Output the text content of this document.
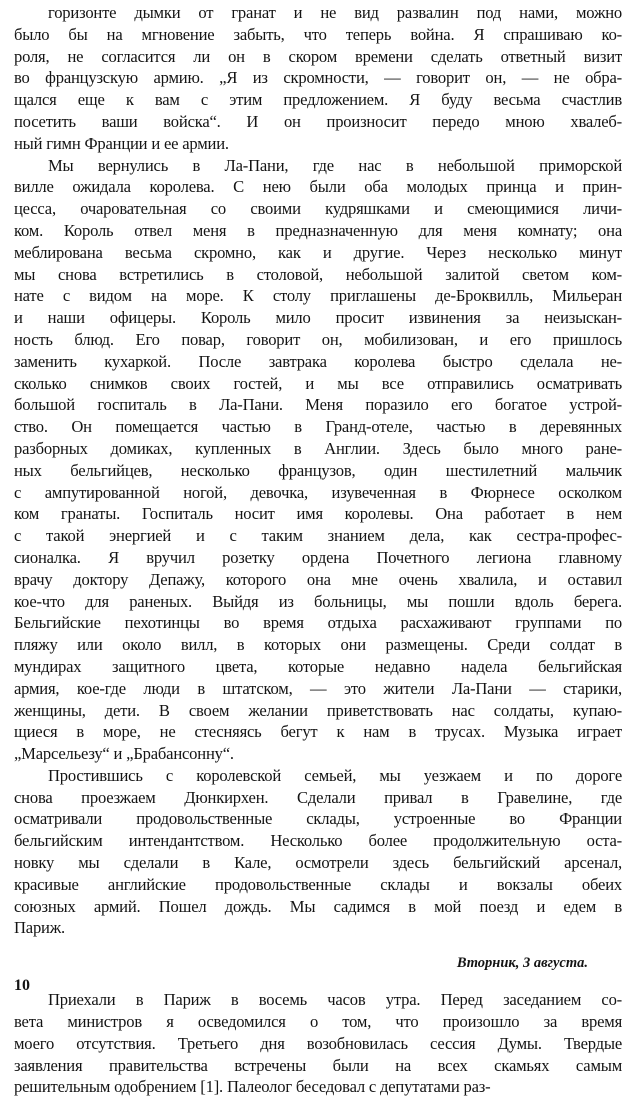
горизонте дымки от гранат и не вид развалин под нами, можно
было бы на мгновение забыть, что теперь война. Я спрашиваю ко-
роля, не согласится ли он в скором времени сделать ответный визит
во французскую армию. „Я из скромности, — говорит он, — не обра-
щался еще к вам с этим предложением. Я буду весьма счастлив
посетить ваши войска“. И он произносит передо мною хвалеб-
ный гимн Франции и ее армии.
Мы вернулись в Ла-Пани, где нас в небольшой приморской
вилле ожидала королева. С нею были оба молодых принца и прин-
цесса, очаровательная со своими кудряшками и смеющимися личи-
ком. Король отвел меня в предназначенную для меня комнату; она
меблирована весьма скромно, как и другие. Через несколько минут
мы снова встретились в столовой, небольшой залитой светом ком-
нате с видом на море. К столу приглашены де-Броквилль, Мильеран
и наши офицеры. Король мило просит извинения за неизыскан-
ность блюд. Его повар, говорит он, мобилизован, и его пришлось
заменить кухаркой. После завтрака королева быстро сделала не-
сколько снимков своих гостей, и мы все отправились осматривать
большой госпиталь в Ла-Пани. Меня поразило его богатое устрой-
ство. Он помещается частью в Гранд-отеле, частью в деревянных
разборных домиках, купленных в Англии. Здесь было много ране-
ных бельгийцев, несколько французов, один шестилетний мальчик
с ампутированной ногой, девочка, изувеченная в Фюрнесе осколком
ком гранаты. Госпиталь носит имя королевы. Она работает в нем
с такой энергией и с таким знанием дела, как сестра-профес-
сионалка. Я вручил розетку ордена Почетного легиона главному
врачу доктору Депажу, которого она мне очень хвалила, и оставил
кое-что для раненых. Выйдя из больницы, мы пошли вдоль берега.
Бельгийские пехотинцы во время отдыха расхаживают группами по
пляжу или около вилл, в которых они размещены. Среди солдат в
мундирах защитного цвета, которые недавно надела бельгийская
армия, кое-где люди в штатском, — это жители Ла-Пани — старики,
женщины, дети. В своем желании приветствовать нас солдаты, купаю-
щиеся в море, не стесняясь бегут к нам в трусах. Музыка играет
„Марсельезу“ и „Брабансонну“.
Простившись с королевской семьей, мы уезжаем и по дороге
снова проезжаем Дюнкирхен. Сделали привал в Гравелине, где
осматривали продовольственные склады, устроенные во Франции
бельгийским интендантством. Несколько более продолжительную оста-
новку мы сделали в Кале, осмотрели здесь бельгийский арсенал,
красивые английские продовольственные склады и вокзалы обеих
союзных армий. Пошел дождь. Мы садимся в мой поезд и едем в
Париж.
Вторник, 3 августа.
Приехали в Париж в восемь часов утра. Перед заседанием со-
вета министров я осведомился о том, что произошло за время
моего отсутствия. Третьего дня возобновилась сессия Думы. Твердые
заявления правительства встречены были на всех скамьях самым
решительным одобрением [1]. Палеолог беседовал с депутатами раз-
10
